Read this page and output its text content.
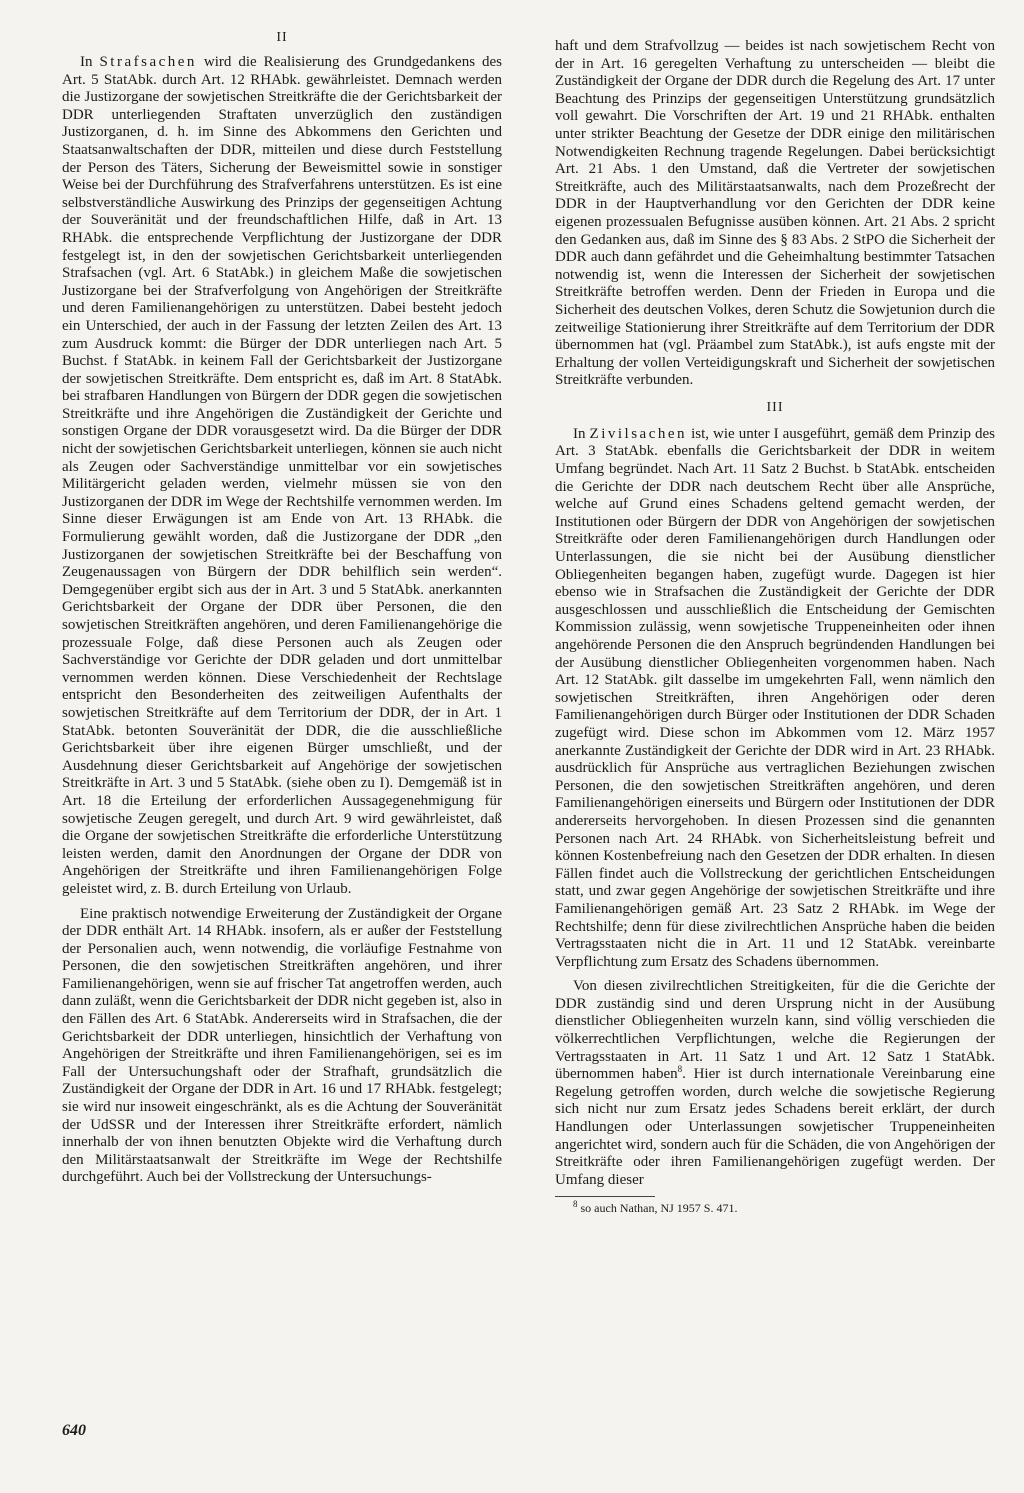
II

In Strafsachen wird die Realisierung des Grundgedankens des Art. 5 StatAbk. durch Art. 12 RHAbk. gewährleistet. Demnach werden die Justizorgane der sowjetischen Streitkräfte die der Gerichtsbarkeit der DDR unterliegenden Straftaten unverzüglich den zuständigen Justizorganen, d. h. im Sinne des Abkommens den Gerichten und Staatsanwaltschaften der DDR, mitteilen und diese durch Feststellung der Person des Täters, Sicherung der Beweismittel sowie in sonstiger Weise bei der Durchführung des Strafverfahrens unterstützen. Es ist eine selbstverständliche Auswirkung des Prinzips der gegenseitigen Achtung der Souveränität und der freundschaftlichen Hilfe, daß in Art. 13 RHAbk. die entsprechende Verpflichtung der Justizorgane der DDR festgelegt ist, in den der sowjetischen Gerichtsbarkeit unterliegenden Strafsachen (vgl. Art. 6 StatAbk.) in gleichem Maße die sowjetischen Justizorgane bei der Strafverfolgung von Angehörigen der Streitkräfte und deren Familienangehörigen zu unterstützen. Dabei besteht jedoch ein Unterschied, der auch in der Fassung der letzten Zeilen des Art. 13 zum Ausdruck kommt: die Bürger der DDR unterliegen nach Art. 5 Buchst. f StatAbk. in keinem Fall der Gerichtsbarkeit der Justizorgane der sowjetischen Streitkräfte. Dem entspricht es, daß im Art. 8 StatAbk. bei strafbaren Handlungen von Bürgern der DDR gegen die sowjetischen Streitkräfte und ihre Angehörigen die Zuständigkeit der Gerichte und sonstigen Organe der DDR vorausgesetzt wird. Da die Bürger der DDR nicht der sowjetischen Gerichtsbarkeit unterliegen, können sie auch nicht als Zeugen oder Sachverständige unmittelbar vor ein sowjetisches Militärgericht geladen werden, vielmehr müssen sie von den Justizorganen der DDR im Wege der Rechtshilfe vernommen werden. Im Sinne dieser Erwägungen ist am Ende von Art. 13 RHAbk. die Formulierung gewählt worden, daß die Justizorgane der DDR „den Justizorganen der sowjetischen Streitkräfte bei der Beschaffung von Zeugenaussagen von Bürgern der DDR behilflich sein werden“. Demgegenüber ergibt sich aus der in Art. 3 und 5 StatAbk. anerkannten Gerichtsbarkeit der Organe der DDR über Personen, die den sowjetischen Streitkräften angehören, und deren Familienangehörige die prozessuale Folge, daß diese Personen auch als Zeugen oder Sachverständige vor Gerichte der DDR geladen und dort unmittelbar vernommen werden können. Diese Verschiedenheit der Rechtslage entspricht den Besonderheiten des zeitweiligen Aufenthalts der sowjetischen Streitkräfte auf dem Territorium der DDR, der in Art. 1 StatAbk. betonten Souveränität der DDR, die die ausschließliche Gerichtsbarkeit über ihre eigenen Bürger umschließt, und der Ausdehnung dieser Gerichtsbarkeit auf Angehörige der sowjetischen Streitkräfte in Art. 3 und 5 StatAbk. (siehe oben zu I). Demgemäß ist in Art. 18 die Erteilung der erforderlichen Aussagegenehmigung für sowjetische Zeugen geregelt, und durch Art. 9 wird gewährleistet, daß die Organe der sowjetischen Streitkräfte die erforderliche Unterstützung leisten werden, damit den Anordnungen der Organe der DDR von Angehörigen der Streitkräfte und ihren Familienangehörigen Folge geleistet wird, z. B. durch Erteilung von Urlaub.

Eine praktisch notwendige Erweiterung der Zuständigkeit der Organe der DDR enthält Art. 14 RHAbk. insofern, als er außer der Feststellung der Personalien auch, wenn notwendig, die vorläufige Festnahme von Personen, die den sowjetischen Streitkräften angehören, und ihrer Familienangehörigen, wenn sie auf frischer Tat angetroffen werden, auch dann zuläßt, wenn die Gerichtsbarkeit der DDR nicht gegeben ist, also in den Fällen des Art. 6 StatAbk. Andererseits wird in Strafsachen, die der Gerichtsbarkeit der DDR unterliegen, hinsichtlich der Verhaftung von Angehörigen der Streitkräfte und ihren Familienangehörigen, sei es im Fall der Untersuchungshaft oder der Strafhaft, grundsätzlich die Zuständigkeit der Organe der DDR in Art. 16 und 17 RHAbk. festgelegt; sie wird nur insoweit eingeschränkt, als es die Achtung der Souveränität der UdSSR und der Interessen ihrer Streitkräfte erfordert, nämlich innerhalb der von ihnen benutzten Objekte wird die Verhaftung durch den Militärstaatsanwalt der Streitkräfte im Wege der Rechtshilfe durchgeführt. Auch bei der Vollstreckung der Untersuchungs-

haft und dem Strafvollzug — beides ist nach sowjetischem Recht von der in Art. 16 geregelten Verhaftung zu unterscheiden — bleibt die Zuständigkeit der Organe der DDR durch die Regelung des Art. 17 unter Beachtung des Prinzips der gegenseitigen Unterstützung grundsätzlich voll gewahrt. Die Vorschriften der Art. 19 und 21 RHAbk. enthalten unter strikter Beachtung der Gesetze der DDR einige den militärischen Notwendigkeiten Rechnung tragende Regelungen. Dabei berücksichtigt Art. 21 Abs. 1 den Umstand, daß die Vertreter der sowjetischen Streitkräfte, auch des Militärstaatsanwalts, nach dem Prozeßrecht der DDR in der Hauptverhandlung vor den Gerichten der DDR keine eigenen prozessualen Befugnisse ausüben können. Art. 21 Abs. 2 spricht den Gedanken aus, daß im Sinne des § 83 Abs. 2 StPO die Sicherheit der DDR auch dann gefährdet und die Geheimhaltung bestimmter Tatsachen notwendig ist, wenn die Interessen der Sicherheit der sowjetischen Streitkräfte betroffen werden. Denn der Frieden in Europa und die Sicherheit des deutschen Volkes, deren Schutz die Sowjetunion durch die zeitweilige Stationierung ihrer Streitkräfte auf dem Territorium der DDR übernommen hat (vgl. Präambel zum StatAbk.), ist aufs engste mit der Erhaltung der vollen Verteidigungskraft und Sicherheit der sowjetischen Streitkräfte verbunden.

III

In Zivilsachen ist, wie unter I ausgeführt, gemäß dem Prinzip des Art. 3 StatAbk. ebenfalls die Gerichtsbarkeit der DDR in weitem Umfang begründet. Nach Art. 11 Satz 2 Buchst. b StatAbk. entscheiden die Gerichte der DDR nach deutschem Recht über alle Ansprüche, welche auf Grund eines Schadens geltend gemacht werden, der Institutionen oder Bürgern der DDR von Angehörigen der sowjetischen Streitkräfte oder deren Familienangehörigen durch Handlungen oder Unterlassungen, die sie nicht bei der Ausübung dienstlicher Obliegenheiten begangen haben, zugefügt wurde. Dagegen ist hier ebenso wie in Strafsachen die Zuständigkeit der Gerichte der DDR ausgeschlossen und ausschließlich die Entscheidung der Gemischten Kommission zulässig, wenn sowjetische Truppeneinheiten oder ihnen angehörende Personen die den Anspruch begründenden Handlungen bei der Ausübung dienstlicher Obliegenheiten vorgenommen haben. Nach Art. 12 StatAbk. gilt dasselbe im umgekehrten Fall, wenn nämlich den sowjetischen Streitkräften, ihren Angehörigen oder deren Familienangehörigen durch Bürger oder Institutionen der DDR Schaden zugefügt wird. Diese schon im Abkommen vom 12. März 1957 anerkannte Zuständigkeit der Gerichte der DDR wird in Art. 23 RHAbk. ausdrücklich für Ansprüche aus vertraglichen Beziehungen zwischen Personen, die den sowjetischen Streitkräften angehören, und deren Familienangehörigen einerseits und Bürgern oder Institutionen der DDR andererseits hervorgehoben. In diesen Prozessen sind die genannten Personen nach Art. 24 RHAbk. von Sicherheitsleistung befreit und können Kostenbefreiung nach den Gesetzen der DDR erhalten. In diesen Fällen findet auch die Vollstreckung der gerichtlichen Entscheidungen statt, und zwar gegen Angehörige der sowjetischen Streitkräfte und ihre Familienangehörigen gemäß Art. 23 Satz 2 RHAbk. im Wege der Rechtshilfe; denn für diese zivilrechtlichen Ansprüche haben die beiden Vertragsstaaten nicht die in Art. 11 und 12 StatAbk. vereinbarte Verpflichtung zum Ersatz des Schadens übernommen.

Von diesen zivilrechtlichen Streitigkeiten, für die die Gerichte der DDR zuständig sind und deren Ursprung nicht in der Ausübung dienstlicher Obliegenheiten wurzeln kann, sind völlig verschieden die völkerrechtlichen Verpflichtungen, welche die Regierungen der Vertragsstaaten in Art. 11 Satz 1 und Art. 12 Satz 1 StatAbk. übernommen haben$^8$. Hier ist durch internationale Vereinbarung eine Regelung getroffen worden, durch welche die sowjetische Regierung sich nicht nur zum Ersatz jedes Schadens bereit erklärt, der durch Handlungen oder Unterlassungen sowjetischer Truppeneinheiten angerichtet wird, sondern auch für die Schäden, die von Angehörigen der Streitkräfte oder ihren Familienangehörigen zugefügt werden. Der Umfang dieser

$^8$ so auch Nathan, NJ 1957 S. 471.

640
